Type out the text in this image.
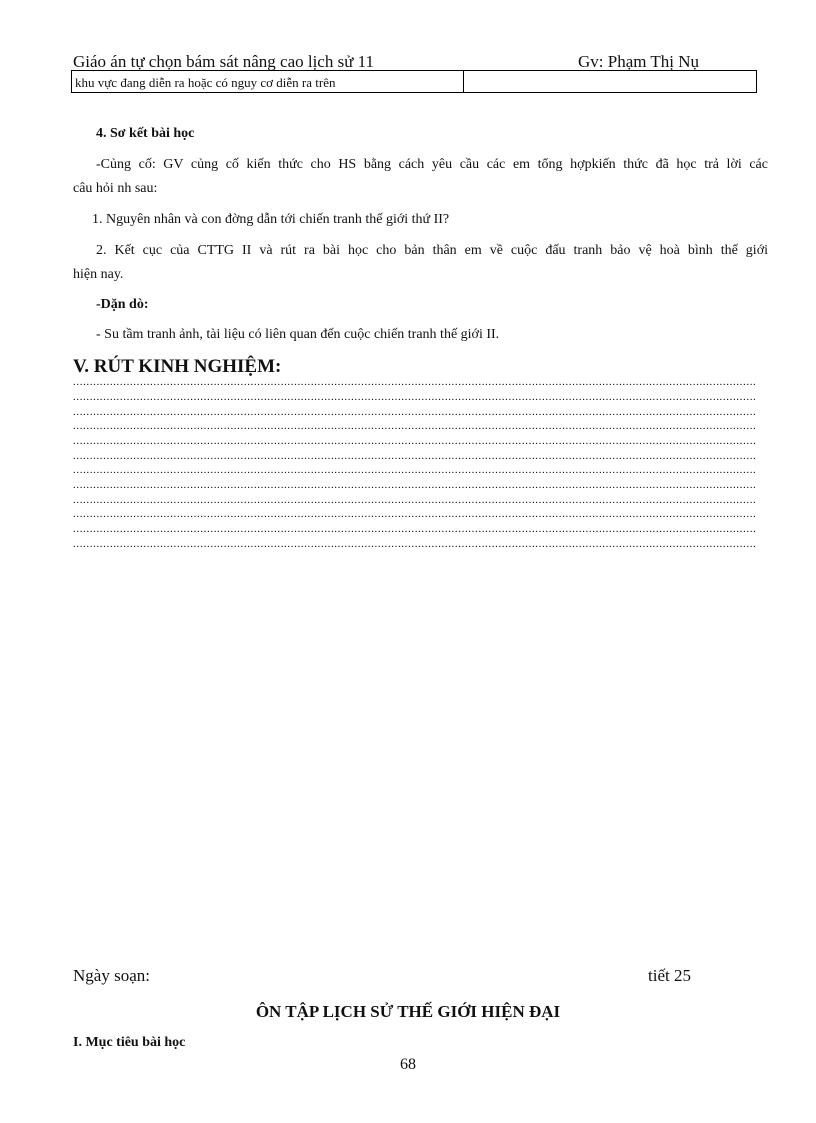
Giáo án tự chọn bám sát nâng cao lịch sử 11	Gv: Phạm Thị Nụ
khu vực đang diễn ra hoặc có nguy cơ diễn ra trên
4. Sơ kết bài học
-Củng cố: GV củng cố kiến thức cho HS bằng cách yêu cầu các em tổng hợpkiến thức đã học trả lời các
câu hỏi nh sau:
1. Nguyên nhân và con đờng dẫn tới chiến tranh thế giới thứ II?
2. Kết cục của CTTG II và rút ra bài học cho bản thân em về cuộc đấu tranh bảo vệ hoà bình thế giới
hiện nay.
-Dặn dò:
- Su tầm tranh ảnh, tài liệu có liên quan đến cuộc chiến tranh thế giới II.
V. RÚT KINH NGHIỆM:
............................................................................................................................................................................................................
............................................................................................................................................................................................................
............................................................................................................................................................................................................
............................................................................................................................................................................................................
............................................................................................................................................................................................................
............................................................................................................................................................................................................
............................................................................................................................................................................................................
............................................................................................................................................................................................................
............................................................................................................................................................................................................
............................................................................................................................................................................................................
............................................................................................................................................................................................................
............................................................................................................................................................................................................
Ngày soạn:	tiết 25
ÔN TẬP LỊCH SỬ THẾ GIỚI HIỆN ĐẠI
I. Mục tiêu bài học
68
